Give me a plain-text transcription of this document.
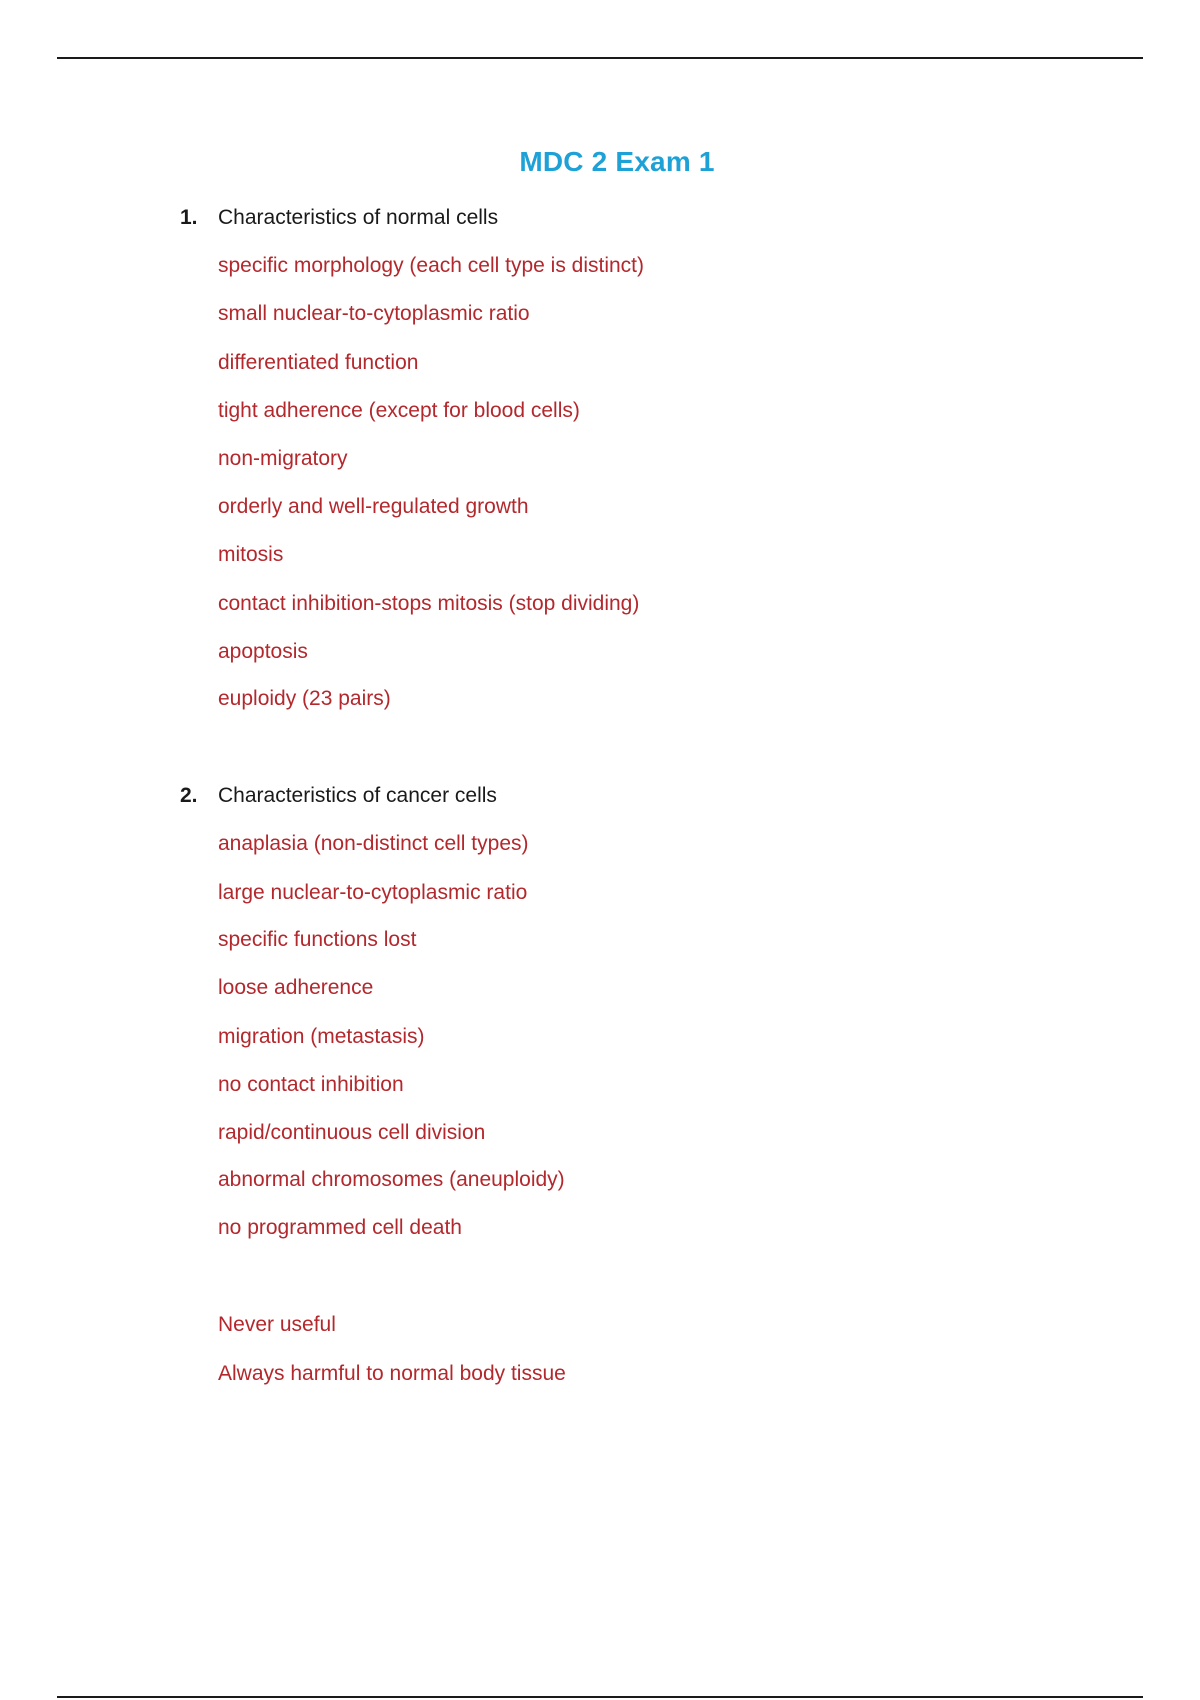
MDC 2 Exam 1
1. Characteristics of normal cells
specific morphology (each cell type is distinct)
small nuclear-to-cytoplasmic ratio
differentiated function
tight adherence (except for blood cells)
non-migratory
orderly and well-regulated growth
mitosis
contact inhibition-stops mitosis (stop dividing)
apoptosis
euploidy (23 pairs)
2. Characteristics of cancer cells
anaplasia (non-distinct cell types)
large nuclear-to-cytoplasmic ratio
specific functions lost
loose adherence
migration (metastasis)
no contact inhibition
rapid/continuous cell division
abnormal chromosomes (aneuploidy)
no programmed cell death
Never useful
Always harmful to normal body tissue
